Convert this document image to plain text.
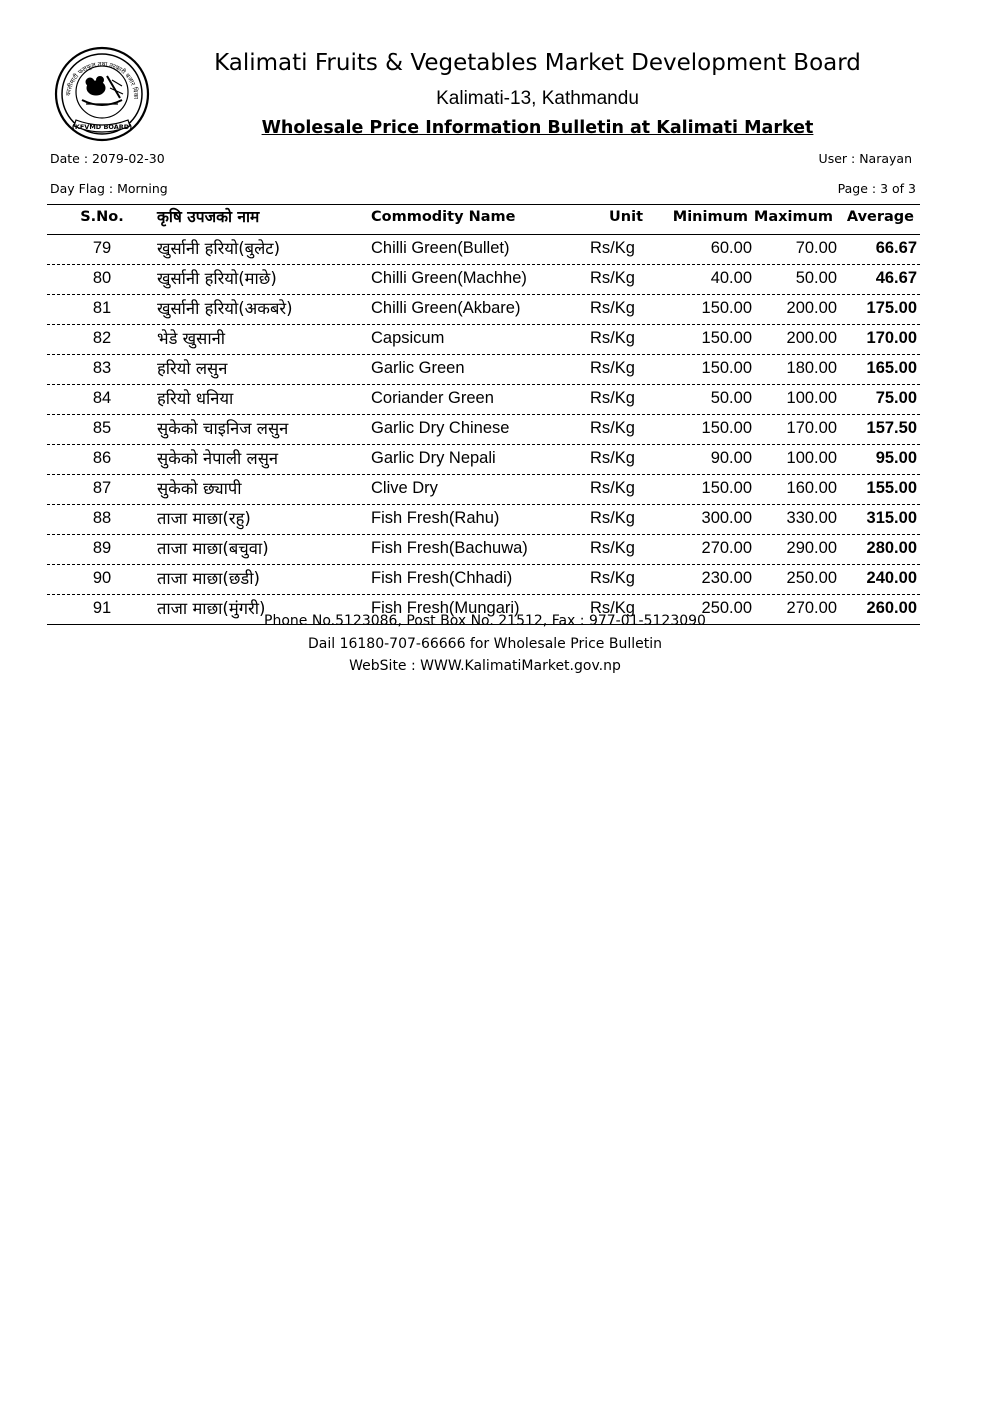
कालीमाटी फलफूल तथा तरकारी बजार विका
(KFVMD BOARD)
Kalimati Fruits & Vegetables Market Development Board
Kalimati-13, Kathmandu
Wholesale Price Information Bulletin at Kalimati Market
Date : 2079-02-30	User : Narayan
Day Flag : Morning	Page : 3 of 3
S.No.	कृषि उपजको नाम	Commodity Name	Unit Minimum Maximum Average
79	खुर्सानी हरियो(बुलेट)	Chilli Green(Bullet)	Rs/Kg	60.00	70.00 66.67
80	खुर्सानी हरियो(माछे)	Chilli Green(Machhe)	Rs/Kg	40.00	50.00 46.67
81	खुर्सानी हरियो(अकबरे)	Chilli Green(Akbare)	Rs/Kg	150.00 200.00 175.00
82	भेडे खुसानी	Capsicum	Rs/Kg	150.00 200.00 170.00
83	हरियो लसुन	Garlic Green	Rs/Kg	150.00 180.00 165.00
84	हरियो धनिया	Coriander Green	Rs/Kg	50.00 100.00 75.00
85	सुकेको चाइनिज लसुन	Garlic Dry Chinese	Rs/Kg	150.00 170.00 157.50
86	सुकेको नेपाली लसुन	Garlic Dry Nepali	Rs/Kg	90.00 100.00 95.00
87	सुकेको छ्यापी	Clive Dry	Rs/Kg	150.00 160.00 155.00
88	ताजा माछा(रहु)	Fish Fresh(Rahu)	Rs/Kg	300.00 330.00 315.00
89	ताजा माछा(बचुवा)	Fish Fresh(Bachuwa)	Rs/Kg	270.00 290.00 280.00
90	ताजा माछा(छडी)	Fish Fresh(Chhadi)	Rs/Kg	230.00 250.00 240.00
91	ताजा माछा(मुंगरी)	Fish Fresh(Mungari)	Rs/Kg	250.00 270.00 260.00
Phone No.5123086, Post Box No. 21512, Fax : 977-01-5123090
Dail 16180-707-66666 for Wholesale Price Bulletin
WebSite : WWW.KalimatiMarket.gov.np
